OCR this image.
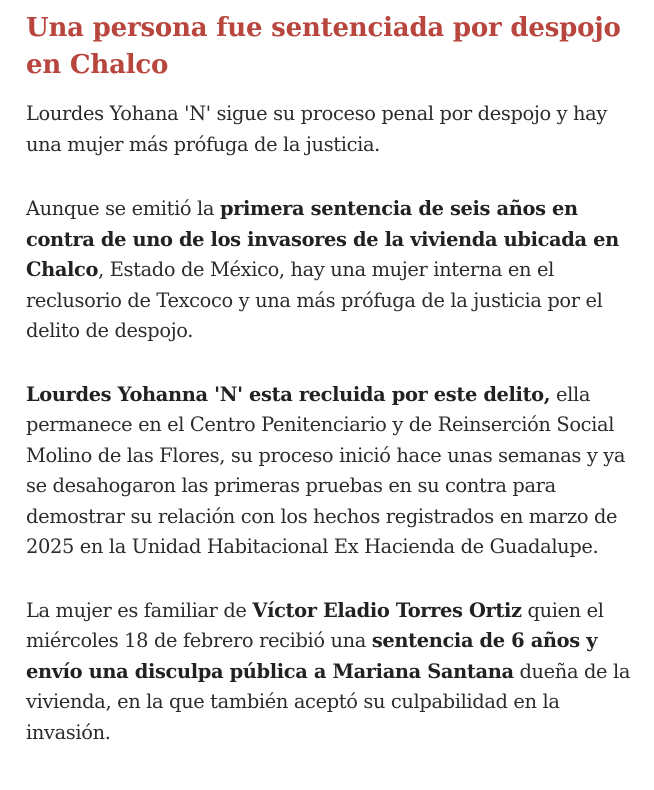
Una persona fue sentenciada por despojo en Chalco

Lourdes Yohana 'N' sigue su proceso penal por despojo y hay una mujer más prófuga de la justicia.

Aunque se emitió la primera sentencia de seis años en contra de uno de los invasores de la vivienda ubicada en Chalco, Estado de México, hay una mujer interna en el reclusorio de Texcoco y una más prófuga de la justicia por el delito de despojo.

Lourdes Yohanna 'N' esta recluida por este delito, ella permanece en el Centro Penitenciario y de Reinserción Social Molino de las Flores, su proceso inició hace unas semanas y ya se desahogaron las primeras pruebas en su contra para demostrar su relación con los hechos registrados en marzo de 2025 en la Unidad Habitacional Ex Hacienda de Guadalupe.

La mujer es familiar de Víctor Eladio Torres Ortiz quien el miércoles 18 de febrero recibió una sentencia de 6 años y envío una disculpa pública a Mariana Santana dueña de la vivienda, en la que también aceptó su culpabilidad en la invasión.
